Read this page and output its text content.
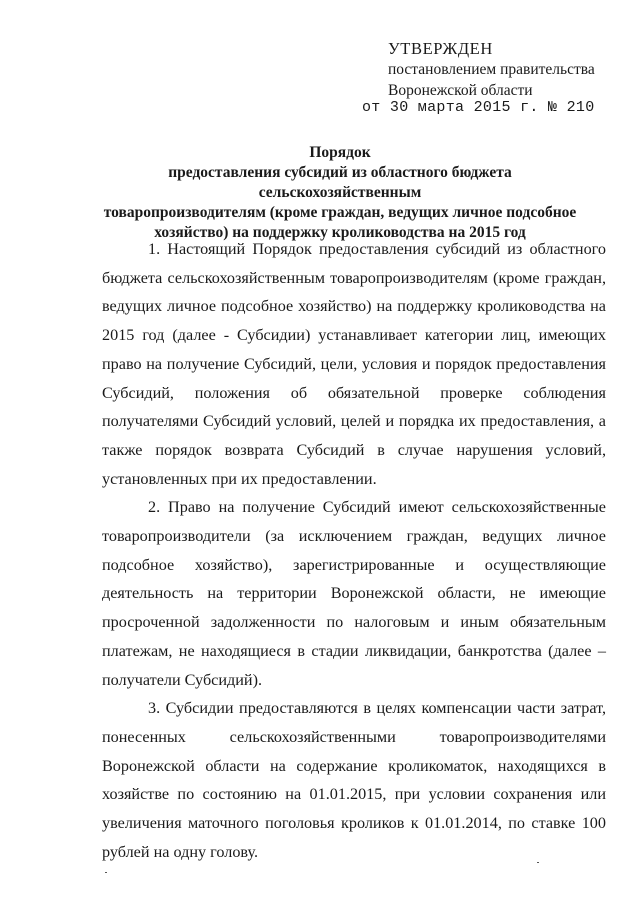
УТВЕРЖДЕН
постановлением правительства
Воронежской области
от 30 марта 2015 г. № 210
Порядок
предоставления субсидий из областного бюджета сельскохозяйственным
товаропроизводителям (кроме граждан, ведущих личное подсобное
хозяйство) на поддержку кролиководства на 2015 год

1. Настоящий Порядок предоставления субсидий из областного бюджета сельскохозяйственным товаропроизводителям (кроме граждан, ведущих личное подсобное хозяйство) на поддержку кролиководства на 2015 год (далее - Субсидии) устанавливает категории лиц, имеющих право на получение Субсидий, цели, условия и порядок предоставления Субсидий, положения об обязательной проверке соблюдения получателями Субсидий условий, целей и порядка их предоставления, а также порядок возврата Субсидий в случае нарушения условий, установленных при их предоставлении.

2. Право на получение Субсидий имеют сельскохозяйственные товаропроизводители (за исключением граждан, ведущих личное подсобное хозяйство), зарегистрированные и осуществляющие деятельность на территории Воронежской области, не имеющие просроченной задолженности по налоговым и иным обязательным платежам, не находящиеся в стадии ликвидации, банкротства (далее – получатели Субсидий).

3. Субсидии предоставляются в целях компенсации части затрат, понесенных сельскохозяйственными товаропроизводителями Воронежской области на содержание кроликоматок, находящихся в хозяйстве по состоянию на 01.01.2015, при условии сохранения или увеличения маточного поголовья кроликов к 01.01.2014, по ставке 100 рублей на одну голову.
